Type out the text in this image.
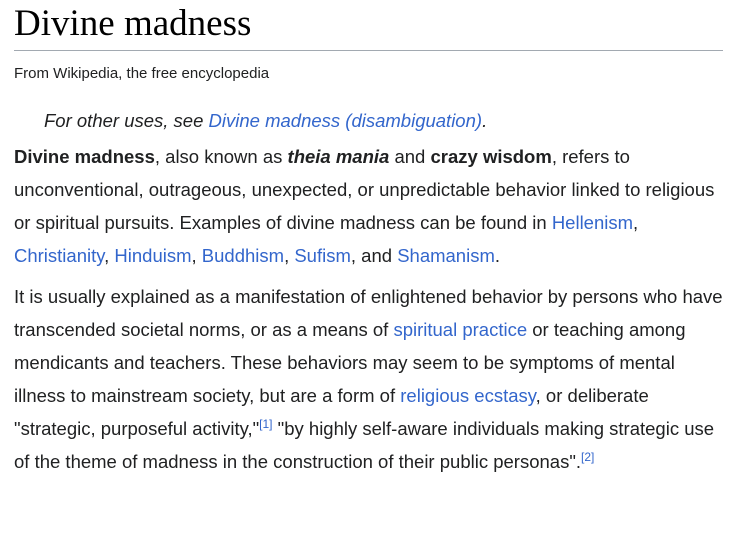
Divine madness
From Wikipedia, the free encyclopedia
For other uses, see Divine madness (disambiguation).

Divine madness, also known as theia mania and crazy wisdom, refers to unconventional, outrageous, unexpected, or unpredictable behavior linked to religious or spiritual pursuits. Examples of divine madness can be found in Hellenism, Christianity, Hinduism, Buddhism, Sufism, and Shamanism.

It is usually explained as a manifestation of enlightened behavior by persons who have transcended societal norms, or as a means of spiritual practice or teaching among mendicants and teachers. These behaviors may seem to be symptoms of mental illness to mainstream society, but are a form of religious ecstasy, or deliberate "strategic, purposeful activity,"[1] "by highly self-aware individuals making strategic use of the theme of madness in the construction of their public personas".[2]
